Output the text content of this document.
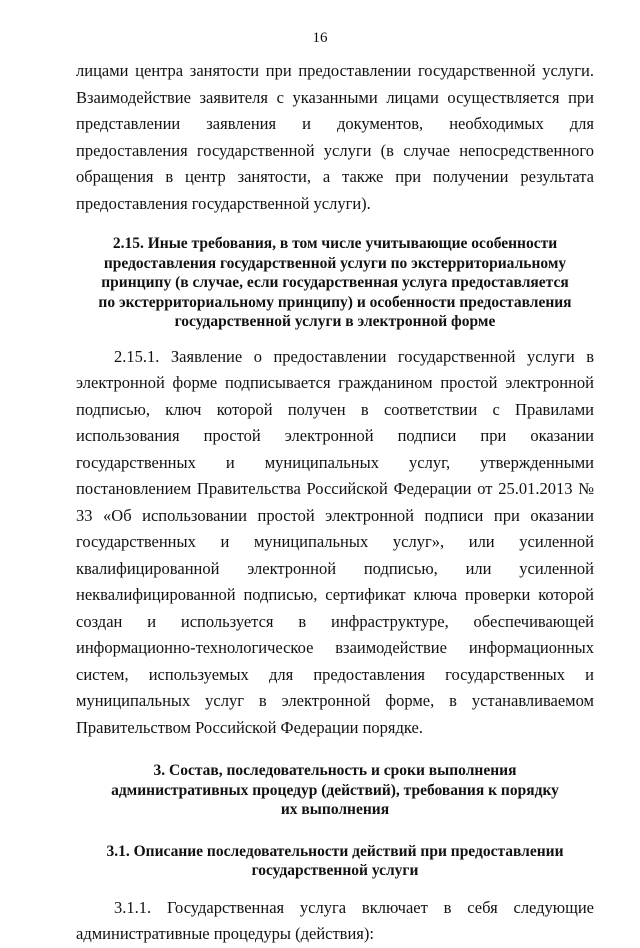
16

лицами центра занятости при предоставлении государственной услуги. Взаимодействие заявителя с указанными лицами осуществляется при представлении заявления и документов, необходимых для предоставления государственной услуги (в случае непосредственного обращения в центр занятости, а также при получении результата предоставления государственной услуги).

2.15. Иные требования, в том числе учитывающие особенности
предоставления государственной услуги по экстерриториальному
принципу (в случае, если государственная услуга предоставляется
по экстерриториальному принципу) и особенности предоставления
государственной услуги в электронной форме

2.15.1. Заявление о предоставлении государственной услуги в электронной форме подписывается гражданином простой электронной подписью, ключ которой получен в соответствии с Правилами использования простой электронной подписи при оказании государственных и муниципальных услуг, утвержденными постановлением Правительства Российской Федерации от 25.01.2013 № 33 «Об использовании простой электронной подписи при оказании государственных и муниципальных услуг», или усиленной квалифицированной электронной подписью, или усиленной неквалифицированной подписью, сертификат ключа проверки которой создан и используется в инфраструктуре, обеспечивающей информационно-технологическое взаимодействие информационных систем, используемых для предоставления государственных и муниципальных услуг в электронной форме, в устанавливаемом Правительством Российской Федерации порядке.

3. Состав, последовательность и сроки выполнения
административных процедур (действий), требования к порядку
их выполнения
3.1. Описание последовательности действий при предоставлении
государственной услуги

3.1.1. Государственная услуга включает в себя следующие административные процедуры (действия):
